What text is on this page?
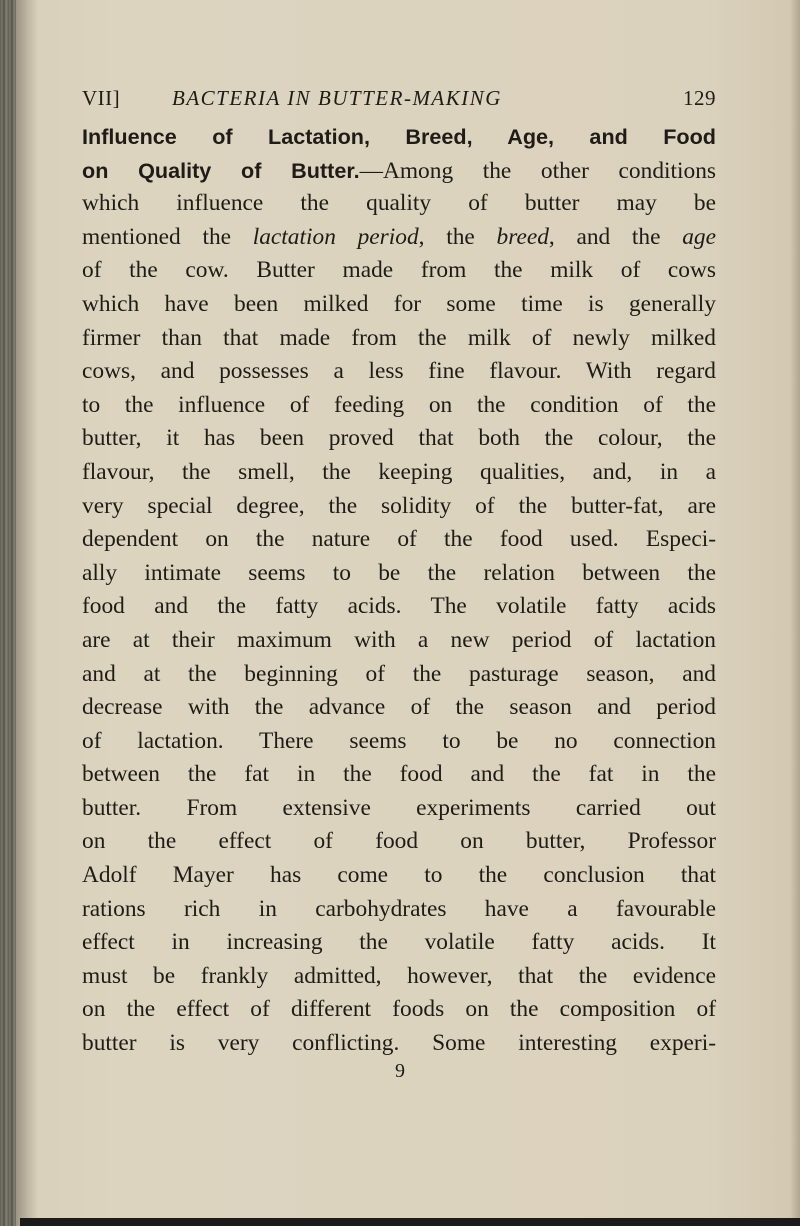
VII] BACTERIA IN BUTTER-MAKING	129
Influence of Lactation, Breed, Age, and Food
on Quality of Butter.—Among the other conditions
which influence the quality of butter may be
mentioned the lactation period, the breed, and the age
of the cow. Butter made from the milk of cows
which have been milked for some time is generally
firmer than that made from the milk of newly milked
cows, and possesses a less fine flavour. With regard
to the influence of feeding on the condition of the
butter, it has been proved that both the colour, the
flavour, the smell, the keeping qualities, and, in a
very special degree, the solidity of the butter-fat, are
dependent on the nature of the food used. Especi-
ally intimate seems to be the relation between the
food and the fatty acids. The volatile fatty acids
are at their maximum with a new period of lactation
and at the beginning of the pasturage season, and
decrease with the advance of the season and period
of lactation. There seems to be no connection
between the fat in the food and the fat in the
butter. From extensive experiments carried out
on the effect of food on butter, Professor
Adolf Mayer has come to the conclusion that
rations rich in carbohydrates have a favourable
effect in increasing the volatile fatty acids. It
must be frankly admitted, however, that the evidence
on the effect of different foods on the composition of
butter is very conflicting. Some interesting experi-
9
